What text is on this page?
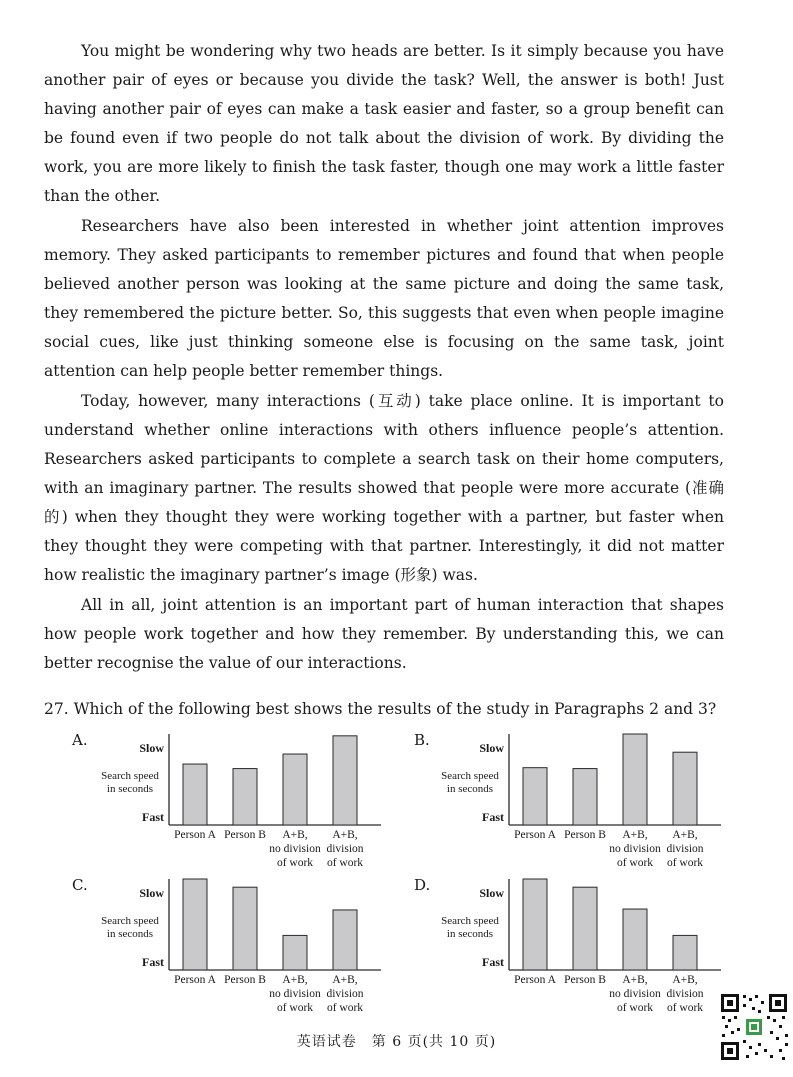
You might be wondering why two heads are better. Is it simply because you have another pair of eyes or because you divide the task? Well, the answer is both! Just having another pair of eyes can make a task easier and faster, so a group benefit can be found even if two people do not talk about the division of work. By dividing the work, you are more likely to finish the task faster, though one may work a little faster than the other.

Researchers have also been interested in whether joint attention improves memory. They asked participants to remember pictures and found that when people believed another person was looking at the same picture and doing the same task, they remembered the picture better. So, this suggests that even when people imagine social cues, like just thinking someone else is focusing on the same task, joint attention can help people better remember things.

Today, however, many interactions (互动) take place online. It is important to understand whether online interactions with others influence people’s attention. Researchers asked participants to complete a search task on their home computers, with an imaginary partner. The results showed that people were more accurate (准确的) when they thought they were working together with a partner, but faster when they thought they were competing with that partner. Interestingly, it did not matter how realistic the imaginary partner’s image (形象) was.

All in all, joint attention is an important part of human interaction that shapes how people work together and how they remember. By understanding this, we can better recognise the value of our interactions.

27. Which of the following best shows the results of the study in Paragraphs 2 and 3?

A.	B.
C.	D.
Slow
Search speed
in seconds
Fast
Person A Person B A+B,
no division
of work
A+B,
division
of work
Slow
Search speed
in seconds
Fast
Person A Person B A+B,
no division
of work
A+B,
division
of work
Slow
Search speed
in seconds
Fast
Person A Person B A+B,
no division
of work
A+B,
division
of work
Slow
Search speed
in seconds
Fast
Person A Person B A+B,
no division
of work
A+B,
division
of work
英语试卷　第 6 页(共 10 页)
